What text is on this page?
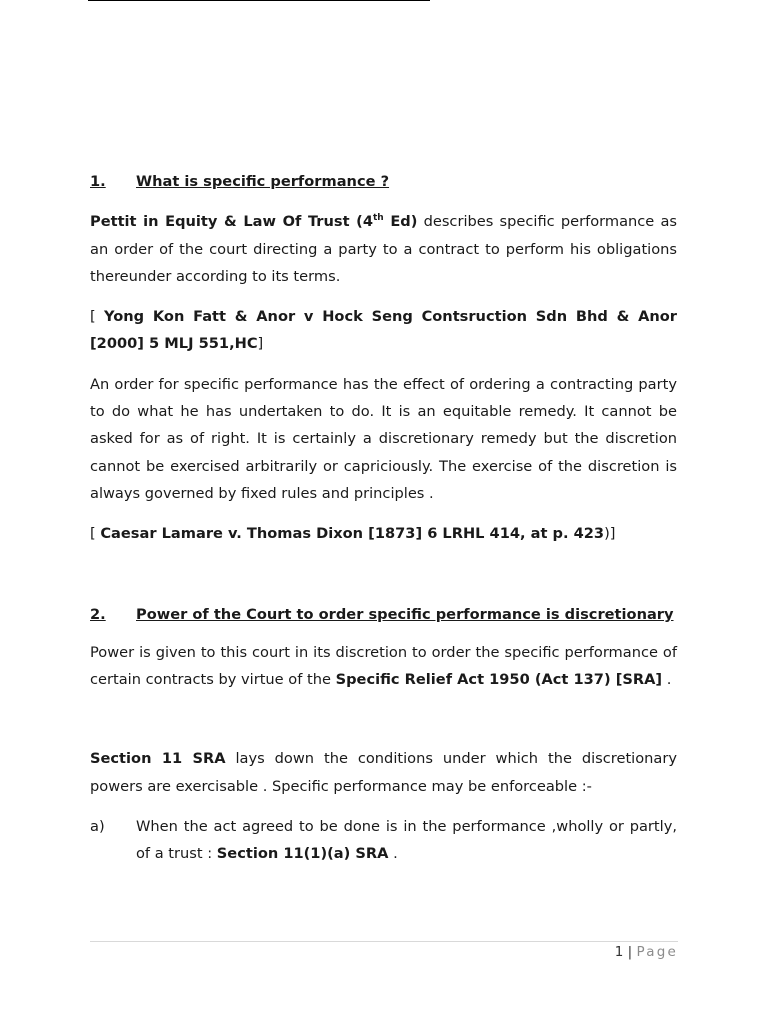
1.	What is specific performance ?

Pettit in Equity & Law Of Trust (4th Ed) describes specific performance as an order of the court directing a party to a contract to perform his obligations thereunder according to its terms.

[ Yong Kon Fatt & Anor v Hock Seng Contsruction Sdn Bhd & Anor [2000] 5 MLJ 551,HC]

An order for specific performance has the effect of ordering a contracting party to do what he has undertaken to do. It is an equitable remedy. It cannot be asked for as of right. It is certainly a discretionary remedy but the discretion cannot be exercised arbitrarily or capriciously. The exercise of the discretion is always governed by fixed rules and principles .

[ Caesar Lamare v. Thomas Dixon [1873] 6 LRHL 414, at p. 423)]

2.	Power of the Court to order specific performance is discretionary

Power is given to this court in its discretion to order the specific performance of certain contracts by virtue of the Specific Relief Act 1950 (Act 137) [SRA] .

Section 11 SRA lays down the conditions under which the discretionary powers are exercisable . Specific performance may be enforceable :-

a)	When the act agreed to be done is in the performance ,wholly or partly, of a trust : Section 11(1)(a) SRA .
1 | Page
